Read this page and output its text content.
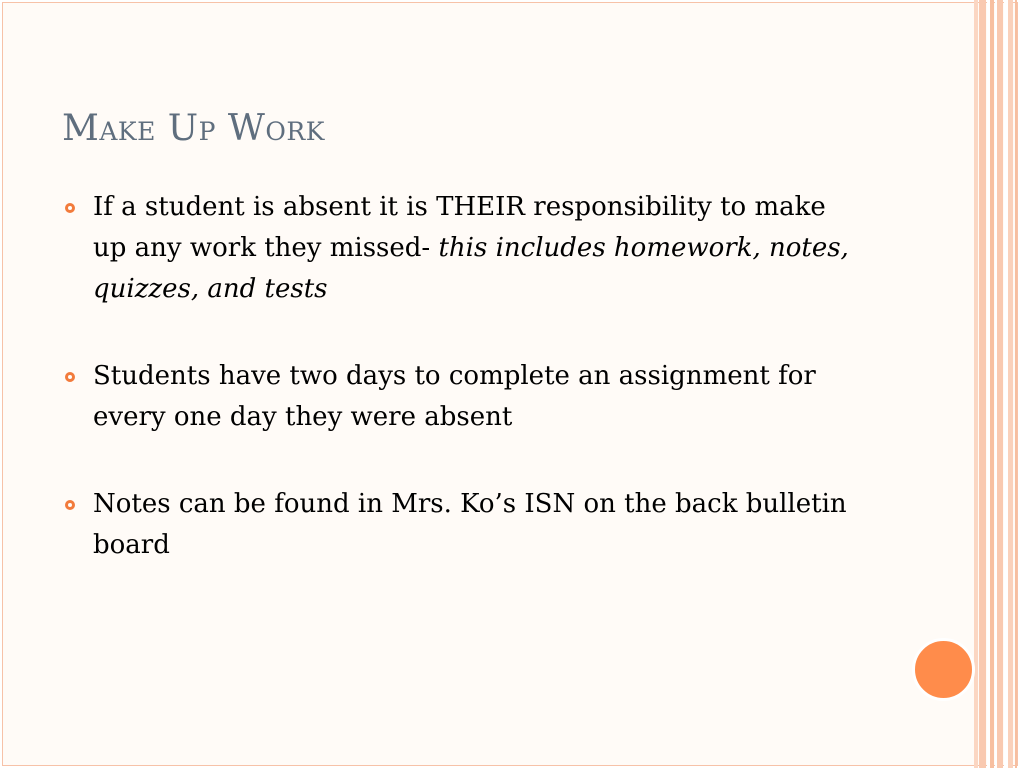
Make Up Work
If a student is absent it is THEIR responsibility to make up any work they missed- this includes homework, notes, quizzes, and tests
Students have two days to complete an assignment for every one day they were absent
Notes can be found in Mrs. Ko’s ISN on the back bulletin board
